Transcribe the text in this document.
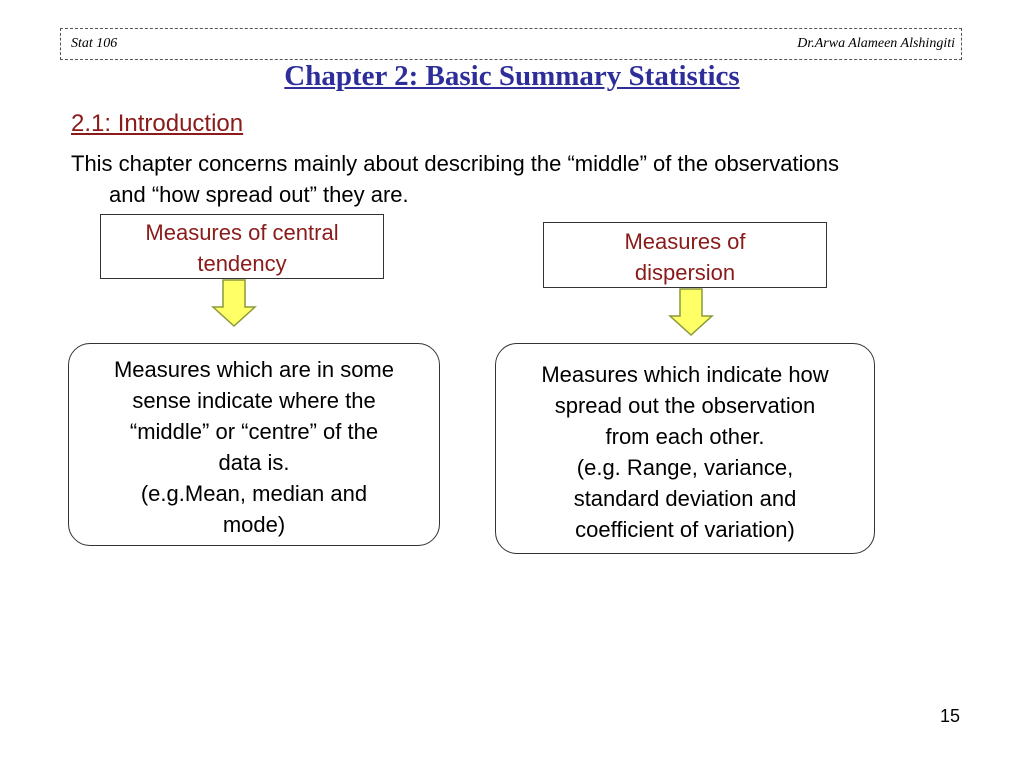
Stat 106	Dr.Arwa Alameen Alshingiti
Chapter 2: Basic Summary Statistics
2.1: Introduction
This chapter concerns mainly about describing the “middle” of the observations
and “how spread out” they are.
Measures of central
tendency
Measures of
dispersion
Measures which are in some
sense indicate where the
“middle” or “centre” of the
data is.
(e.g.Mean, median and
mode)
Measures which indicate how
spread out the observation
from each other.
(e.g. Range, variance,
standard deviation and
coefficient of variation)
15
